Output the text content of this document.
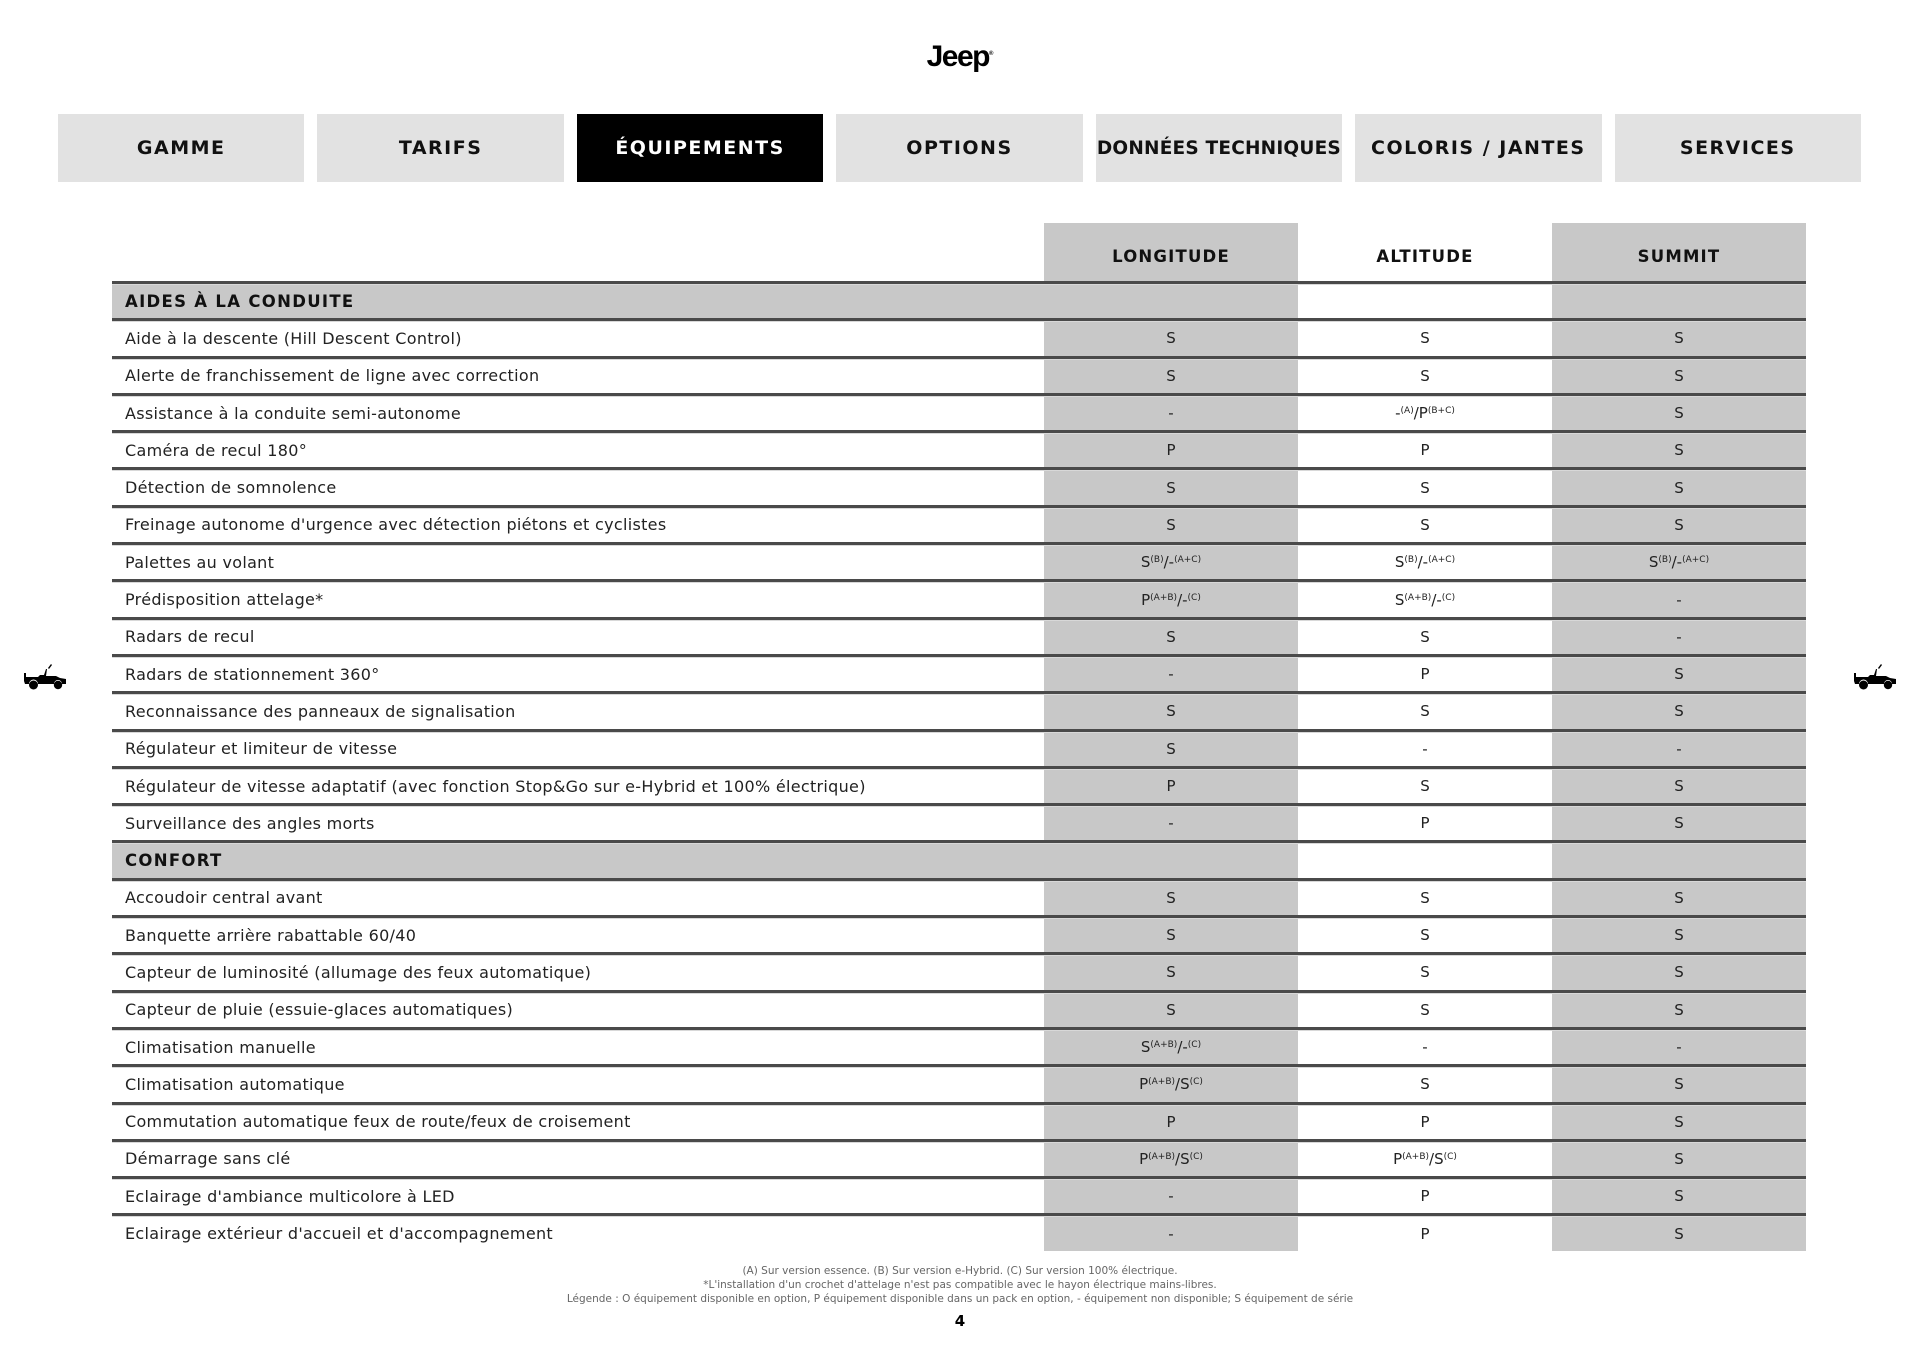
Jeep®
GAMME	TARIFS	ÉQUIPEMENTS	OPTIONS	DONNÉES TECHNIQUES	COLORIS / JANTES	SERVICES
LONGITUDE	ALTITUDE	SUMMIT
AIDES À LA CONDUITE
Aide à la descente (Hill Descent Control)	S	S	S
Alerte de franchissement de ligne avec correction	S	S	S
Assistance à la conduite semi-autonome	-	-$^{(A)}$ $/P^{(B+C)}$	S
Caméra de recul 180°	P	P	S
Détection de somnolence	S	S	S
Freinage autonome d'urgence avec détection piétons et cyclistes	S	S	S
Palettes au volant	$S^{(B)}$ /-$^{(A+C)}$	$S^{(B)}$ /-$^{(A+C)}$	$S^{(B)}$ /-$^{(A+C)}$
Prédisposition attelage*	$P^{(A+B)}$ /-$^{(C)}$	$S^{(A+B)}$ /-$^{(C)}$	-
Radars de recul	S	S	-
Radars de stationnement 360°	-	P	S
Reconnaissance des panneaux de signalisation	S	S	S
Régulateur et limiteur de vitesse	S	-	-
Régulateur de vitesse adaptatif (avec fonction Stop&Go sur e-Hybrid et 100% électrique)	P	S	S
Surveillance des angles morts	-	P	S
CONFORT
Accoudoir central avant	S	S	S
Banquette arrière rabattable 60/40	S	S	S
Capteur de luminosité (allumage des feux automatique)	S	S	S
Capteur de pluie (essuie-glaces automatiques)	S	S	S
Climatisation manuelle	$S^{(A+B)}$ /-$^{(C)}$	-	-
Climatisation automatique	$P^{(A+B)}$ $/S^{(C)}$	S	S
Commutation automatique feux de route/feux de croisement	P	P	S
Démarrage sans clé	$P^{(A+B)}$ $/S^{(C)}$	$P^{(A+B)}$ $/S^{(C)}$	S
Eclairage d'ambiance multicolore à LED	-	P	S
Eclairage extérieur d'accueil et d'accompagnement	-	P	S
(A) Sur version essence. (B) Sur version e-Hybrid. (C) Sur version 100% électrique.
*L'installation d'un crochet d'attelage n'est pas compatible avec le hayon électrique mains-libres.
Légende : O équipement disponible en option, P équipement disponible dans un pack en option, - équipement non disponible; S équipement de série
4
